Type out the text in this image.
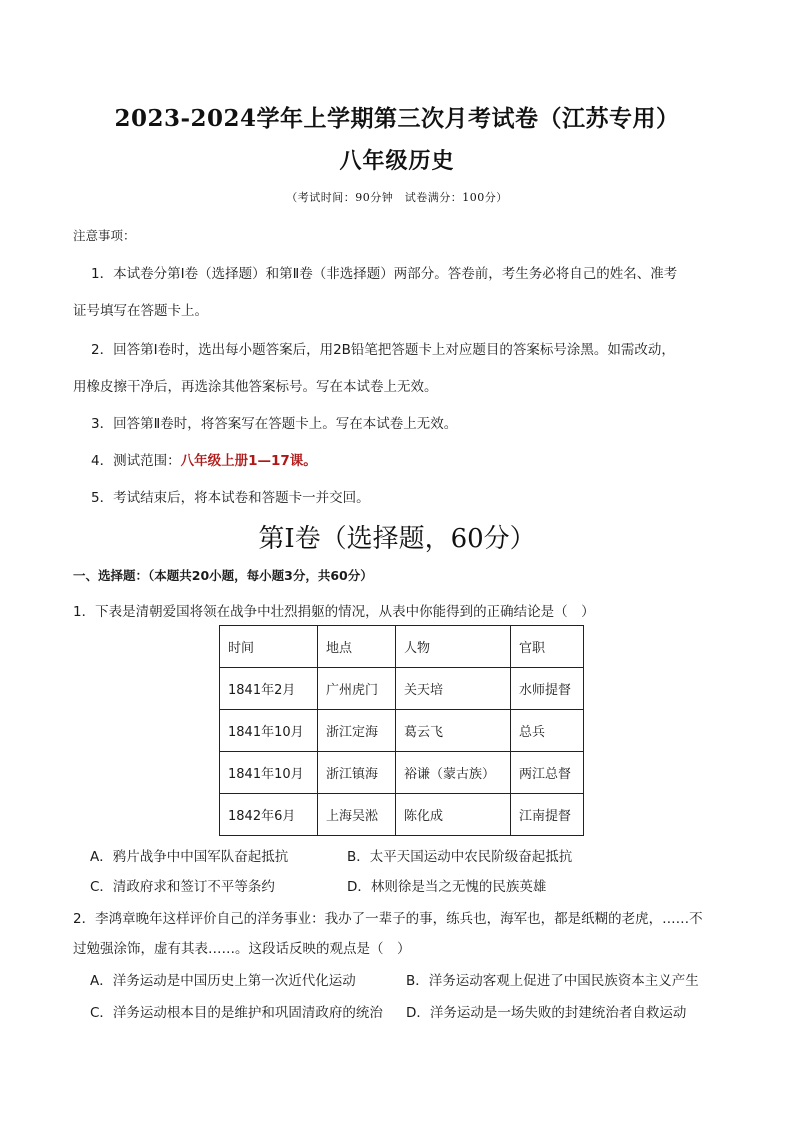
2023-2024学年上学期第三次月考试卷（江苏专用）
八年级历史
（考试时间：90分钟　试卷满分：100分）
注意事项：
1．本试卷分第Ⅰ卷（选择题）和第Ⅱ卷（非选择题）两部分。答卷前，考生务必将自己的姓名、准考
证号填写在答题卡上。
2．回答第Ⅰ卷时，选出每小题答案后，用2B铅笔把答题卡上对应题目的答案标号涂黑。如需改动，
用橡皮擦干净后，再选涂其他答案标号。写在本试卷上无效。
3．回答第Ⅱ卷时，将答案写在答题卡上。写在本试卷上无效。
4．测试范围：八年级上册1—17课。
5．考试结束后，将本试卷和答题卡一并交回。
第Ⅰ卷（选择题，60分）
一、选择题：（本题共20小题，每小题3分，共60分）
1．下表是清朝爱国将领在战争中壮烈捐躯的情况，从表中你能得到的正确结论是（　）
时间	地点	人物	官职
1841年2月	广州虎门	关天培	水师提督
1841年10月	浙江定海	葛云飞	总兵
1841年10月	浙江镇海	裕谦（蒙古族）	两江总督
1842年6月	上海吴淞	陈化成	江南提督
A．鸦片战争中中国军队奋起抵抗	B．太平天国运动中农民阶级奋起抵抗
C．清政府求和签订不平等条约	D．林则徐是当之无愧的民族英雄
2．李鸿章晚年这样评价自己的洋务事业：我办了一辈子的事，练兵也，海军也，都是纸糊的老虎，……不
过勉强涂饰，虚有其表……。这段话反映的观点是（　）
A．洋务运动是中国历史上第一次近代化运动	B．洋务运动客观上促进了中国民族资本主义产生
C．洋务运动根本目的是维护和巩固清政府的统治 D．洋务运动是一场失败的封建统治者自救运动
